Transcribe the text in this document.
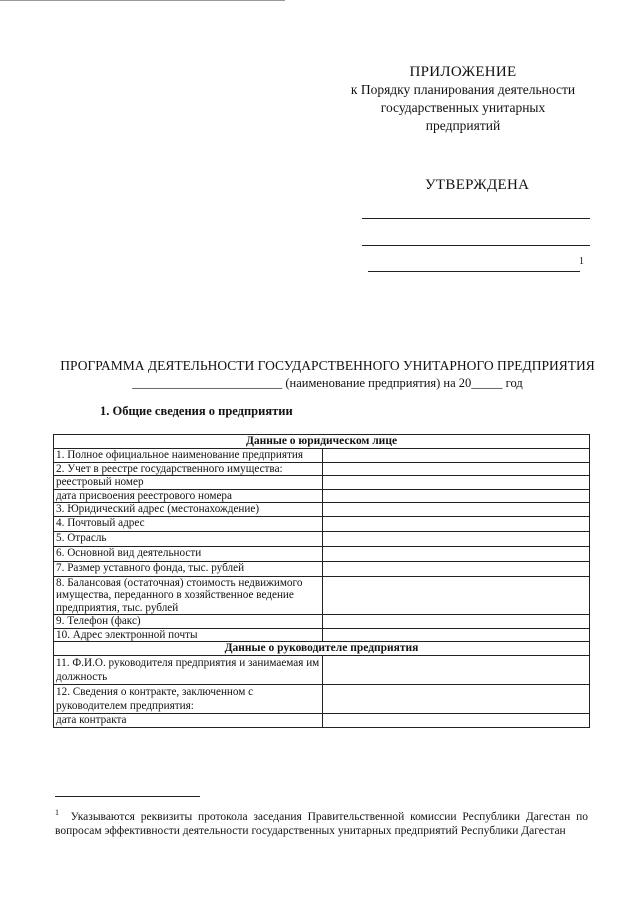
ПРИЛОЖЕНИЕ
к Порядку планирования деятельности
государственных унитарных
предприятий
УТВЕРЖДЕНА
1
ПРОГРАММА ДЕЯТЕЛЬНОСТИ ГОСУДАРСТВЕННОГО УНИТАРНОГО ПРЕДПРИЯТИЯ
________________________ (наименование предприятия) на 20_____ год
1. Общие сведения о предприятии
Данные о юридическом лице	
1. Полное официальное наименование предприятия	
2. Учет в реестре государственного имущества:	
реестровый номер	
дата присвоения реестрового номера	
3. Юридический адрес (местонахождение)	
4. Почтовый адрес	
5. Отрасль	
6. Основной вид деятельности	
7. Размер уставного фонда, тыс. рублей	
8. Балансовая (остаточная) стоимость недвижимого имущества, переданного в хозяйственное ведение предприятия, тыс. рублей	
9. Телефон (факс)	
10. Адрес электронной почты	
Данные о руководителе предприятия	
11. Ф.И.О. руководителя предприятия и занимаемая им должность	
12. Сведения о контракте, заключенном с руководителем предприятия:	
дата контракта	
$^1$ Указываются реквизиты протокола заседания Правительственной комиссии Республики Дагестан по вопросам эффективности деятельности государственных унитарных предприятий Республики Дагестан
